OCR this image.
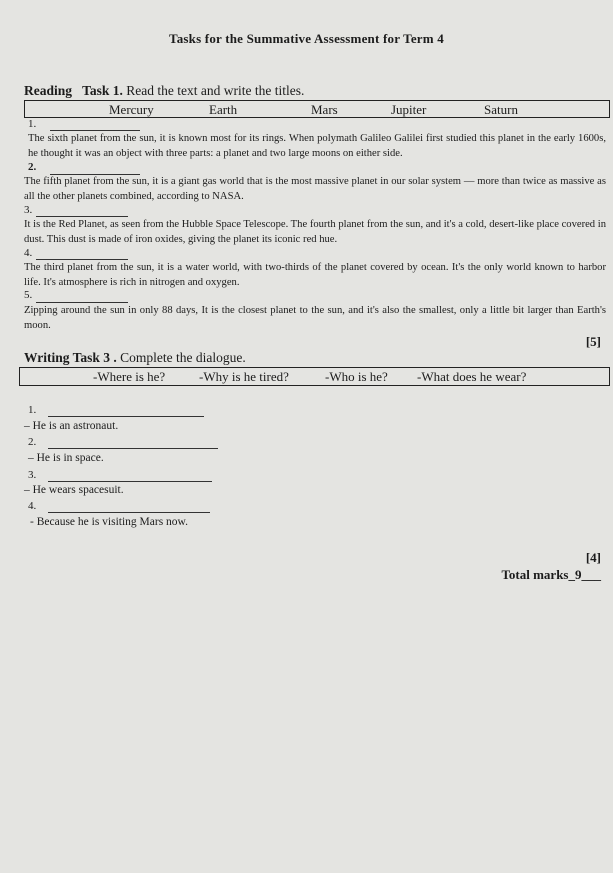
Tasks for the Summative Assessment for Term 4
Reading Task 1. Read the text and write the titles.
Mercury	Earth	Mars	Jupiter	Saturn
1.
The sixth planet from the sun, it is known most for its rings. When polymath Galileo Galilei first studied this planet in the early 1600s, he thought it was an object with three parts: a planet and two large moons on either side.
2.
The fifth planet from the sun, it is a giant gas world that is the most massive planet in our solar system — more than twice as massive as all the other planets combined, according to NASA.
3.
It is the Red Planet, as seen from the Hubble Space Telescope. The fourth planet from the sun, and it's a cold, desert-like place covered in dust. This dust is made of iron oxides, giving the planet its iconic red hue.
4.
The third planet from the sun, it is a water world, with two-thirds of the planet covered by ocean. It's the only world known to harbor life. It's atmosphere is rich in nitrogen and oxygen.
5.
Zipping around the sun in only 88 days, It is the closest planet to the sun, and it's also the smallest, only a little bit larger than Earth's moon.
[5]
Writing Task 3 . Complete the dialogue.
-Where is he?	-Why is he tired?	-Who is he? -What does he wear?
1.
– He is an astronaut.
2.
– He is in space.
3.
– He wears spacesuit.
4.
- Because he is visiting Mars now.
[4]
Total marks_9___
